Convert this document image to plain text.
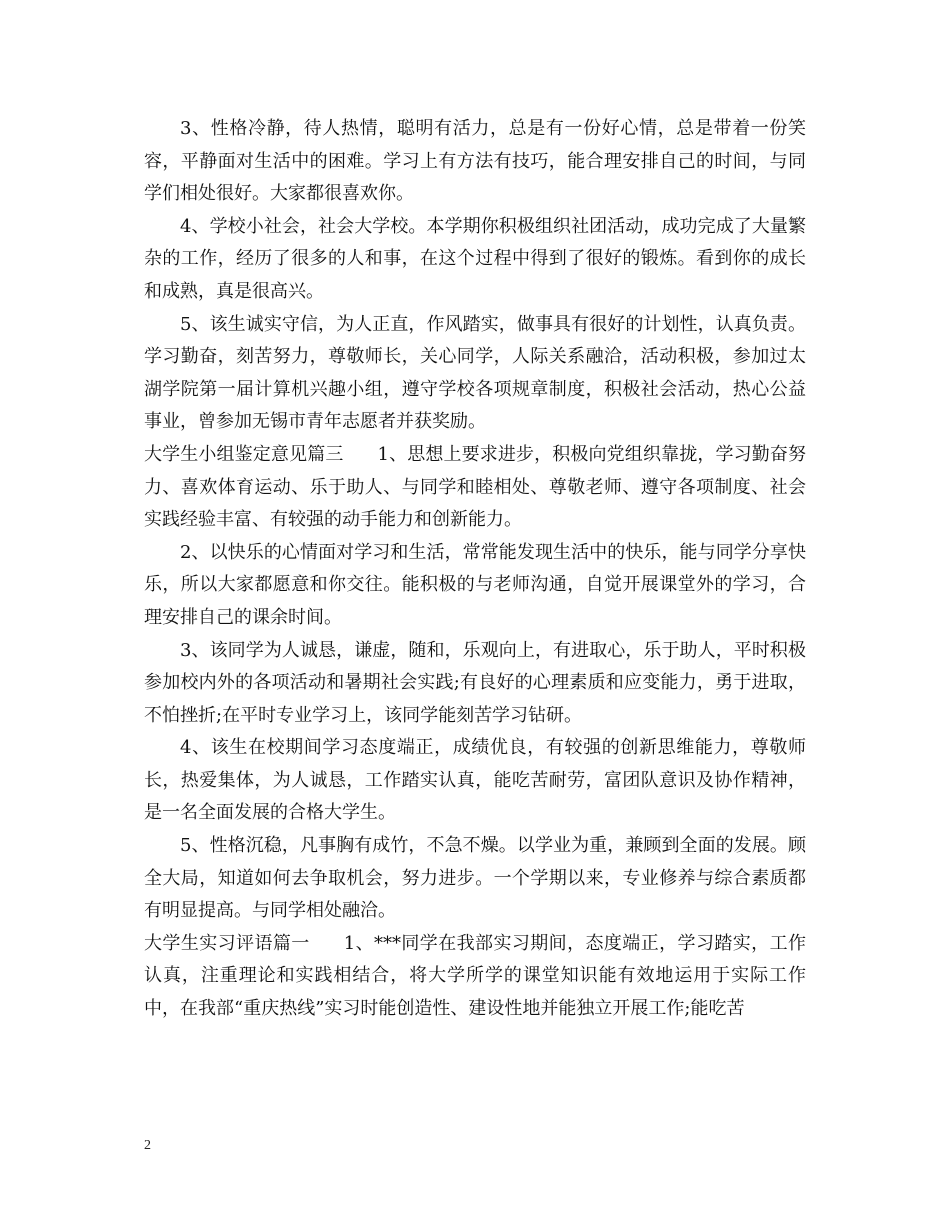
3、性格冷静，待人热情，聪明有活力，总是有一份好心情，总是带着一份笑容，平静面对生活中的困难。学习上有方法有技巧，能合理安排自己的时间，与同学们相处很好。大家都很喜欢你。

4、学校小社会，社会大学校。本学期你积极组织社团活动，成功完成了大量繁杂的工作，经历了很多的人和事，在这个过程中得到了很好的锻炼。看到你的成长和成熟，真是很高兴。

5、该生诚实守信，为人正直，作风踏实，做事具有很好的计划性，认真负责。学习勤奋，刻苦努力，尊敬师长，关心同学，人际关系融洽，活动积极，参加过太湖学院第一届计算机兴趣小组，遵守学校各项规章制度，积极社会活动，热心公益事业，曾参加无锡市青年志愿者并获奖励。

大学生小组鉴定意见篇三 1、思想上要求进步，积极向党组织靠拢，学习勤奋努力、喜欢体育运动、乐于助人、与同学和睦相处、尊敬老师、遵守各项制度、社会实践经验丰富、有较强的动手能力和创新能力。

2、以快乐的心情面对学习和生活，常常能发现生活中的快乐，能与同学分享快乐，所以大家都愿意和你交往。能积极的与老师沟通，自觉开展课堂外的学习，合理安排自己的课余时间。

3、该同学为人诚恳，谦虚，随和，乐观向上，有进取心，乐于助人，平时积极参加校内外的各项活动和暑期社会实践;有良好的心理素质和应变能力，勇于进取，不怕挫折;在平时专业学习上，该同学能刻苦学习钻研。

4、该生在校期间学习态度端正，成绩优良，有较强的创新思维能力，尊敬师长，热爱集体，为人诚恳，工作踏实认真，能吃苦耐劳，富团队意识及协作精神，是一名全面发展的合格大学生。

5、性格沉稳，凡事胸有成竹，不急不燥。以学业为重，兼顾到全面的发展。顾全大局，知道如何去争取机会，努力进步。一个学期以来，专业修养与综合素质都有明显提高。与同学相处融洽。

大学生实习评语篇一 1、***同学在我部实习期间，态度端正，学习踏实，工作认真，注重理论和实践相结合，将大学所学的课堂知识能有效地运用于实际工作中，在我部“重庆热线”实习时能创造性、建设性地并能独立开展工作;能吃苦

2
